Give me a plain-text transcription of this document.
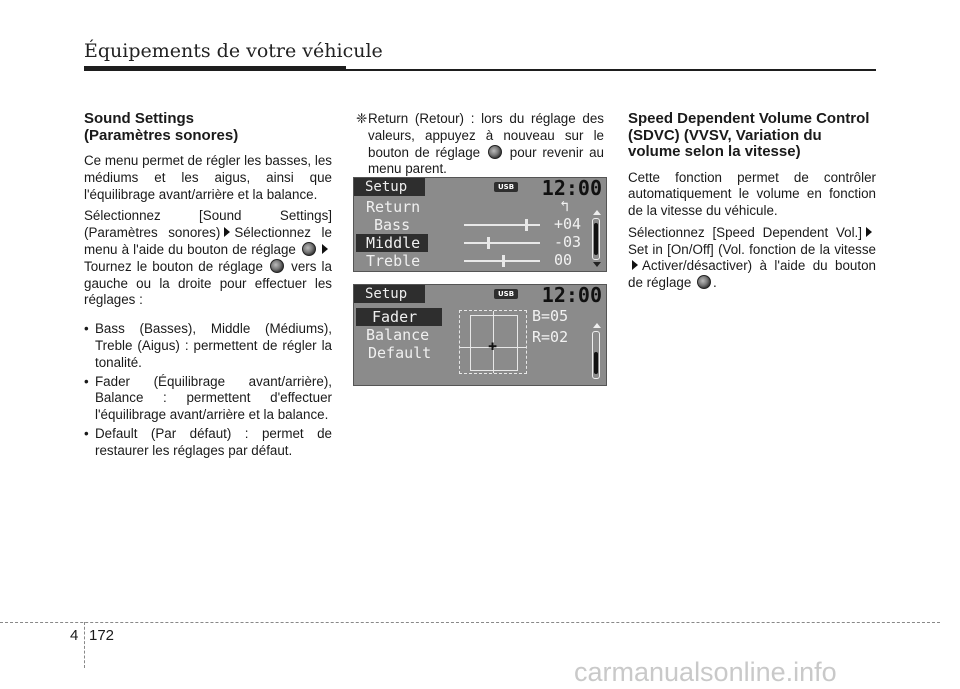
Équipements de votre véhicule
Sound Settings
(Paramètres sonores)

Ce menu permet de régler les basses, les médiums et les aigus, ainsi que l'équilibrage avant/arrière et la balance.

Sélectionnez [Sound Settings] (Paramètres sonores) Sélectionnez le menu à l'aide du bouton de réglage  Tournez le bouton de réglage vers la gauche ou la droite pour effectuer les réglages :

• Bass (Basses), Middle (Médiums), Treble (Aigus) : permettent de régler la tonalité.
• Fader (Équilibrage avant/arrière), Balance : permettent d'effectuer l'équilibrage avant/arrière et la balance.
• Default (Par défaut) : permet de restaurer les réglages par défaut.

❈ Return (Retour) : lors du réglage des valeurs, appuyez à nouveau sur le bouton de réglage pour revenir au menu parent.

Setup	USB 12:00
Return	↰
Bass	+04
Middle	-03
Treble	00
Setup	USB 12:00
Fader
Balance
Default	✚
B=05
R=02
Speed Dependent Volume Control
(SDVC) (VVSV, Variation du
volume selon la vitesse)

Cette fonction permet de contrôler automatiquement le volume en fonction de la vitesse du véhicule.

Sélectionnez [Speed Dependent Vol.] Set in [On/Off] (Vol. fonction de la vitesse Activer/désactiver) à l'aide du bouton de réglage .

4 172
carmanualsonline.info
